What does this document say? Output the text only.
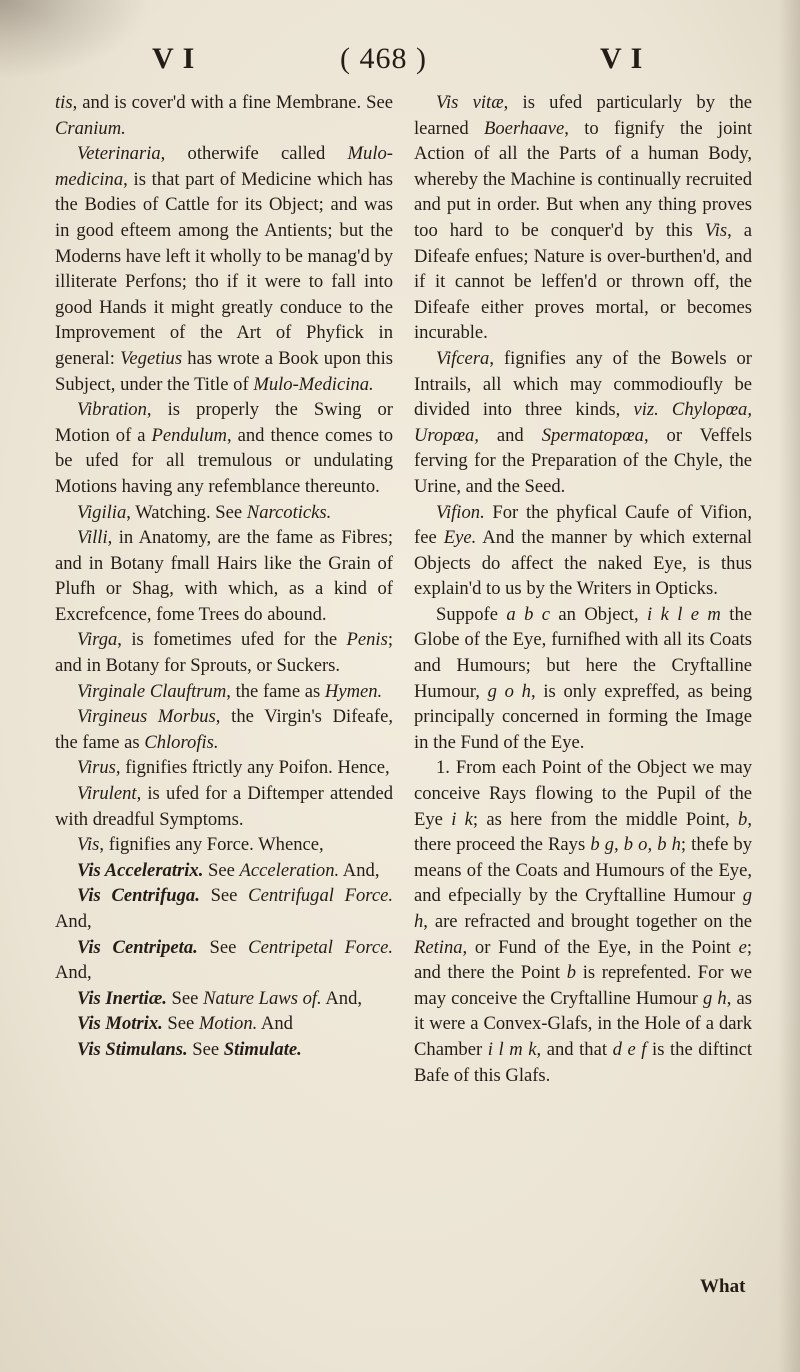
V I	( 468 )	V I

tis, and is cover'd with a fine Membrane. See Cranium.

Veterinaria, otherwife called Mulo-medicina, is that part of Medicine which has the Bodies of Cattle for its Object; and was in good efteem among the Antients; but the Moderns have left it wholly to be manag'd by illiterate Perfons; tho if it were to fall into good Hands it might greatly conduce to the Improvement of the Art of Phyfick in general: Vegetius has wrote a Book upon this Subject, under the Title of Mulo-Medicina.

Vibration, is properly the Swing or Motion of a Pendulum, and thence comes to be ufed for all tremulous or undulating Motions having any refemblance thereunto.

Vigilia, Watching. See Narcoticks.

Villi, in Anatomy, are the fame as Fibres; and in Botany fmall Hairs like the Grain of Plufh or Shag, with which, as a kind of Excrefcence, fome Trees do abound.

Virga, is fometimes ufed for the Penis; and in Botany for Sprouts, or Suckers.

Virginale Clauftrum, the fame as Hymen.

Virgineus Morbus, the Virgin's Difeafe, the fame as Chlorofis.

Virus, fignifies ftrictly any Poifon. Hence,

Virulent, is ufed for a Diftemper attended with dreadful Symptoms.

Vis, fignifies any Force. Whence,

Vis Acceleratrix. See Acceleration. And,

Vis Centrifuga. See Centrifugal Force. And,

Vis Centripeta. See Centripetal Force. And,

Vis Inertiæ. See Nature Laws of. And,

Vis Motrix. See Motion. And

Vis Stimulans. See Stimulate.

Vis vitæ, is ufed particularly by the learned Boerhaave, to fignify the joint Action of all the Parts of a human Body, whereby the Machine is continually recruited and put in order. But when any thing proves too hard to be conquer'd by this Vis, a Difeafe enfues; Nature is over-burthen'd, and if it cannot be leffen'd or thrown off, the Difeafe either proves mortal, or becomes incurable.

Vifcera, fignifies any of the Bowels or Intrails, all which may commodioufly be divided into three kinds, viz. Chylopœa, Uropœa, and Spermatopœa, or Veffels ferving for the Preparation of the Chyle, the Urine, and the Seed.

Vifion. For the phyfical Caufe of Vifion, fee Eye. And the manner by which external Objects do affect the naked Eye, is thus explain'd to us by the Writers in Opticks.

Suppofe a b c an Object, i k l e m the Globe of the Eye, furnifhed with all its Coats and Humours; but here the Cryftalline Humour, g o h, is only expreffed, as being principally concerned in forming the Image in the Fund of the Eye.

1. From each Point of the Object we may conceive Rays flowing to the Pupil of the Eye i k; as here from the middle Point, b, there proceed the Rays b g, b o, b h; thefe by means of the Coats and Humours of the Eye, and efpecially by the Cryftalline Humour g h, are refracted and brought together on the Retina, or Fund of the Eye, in the Point e; and there the Point b is reprefented. For we may conceive the Cryftalline Humour g h, as it were a Convex-Glafs, in the Hole of a dark Chamber i l m k, and that d e f is the diftinct Bafe of this Glafs.

What
